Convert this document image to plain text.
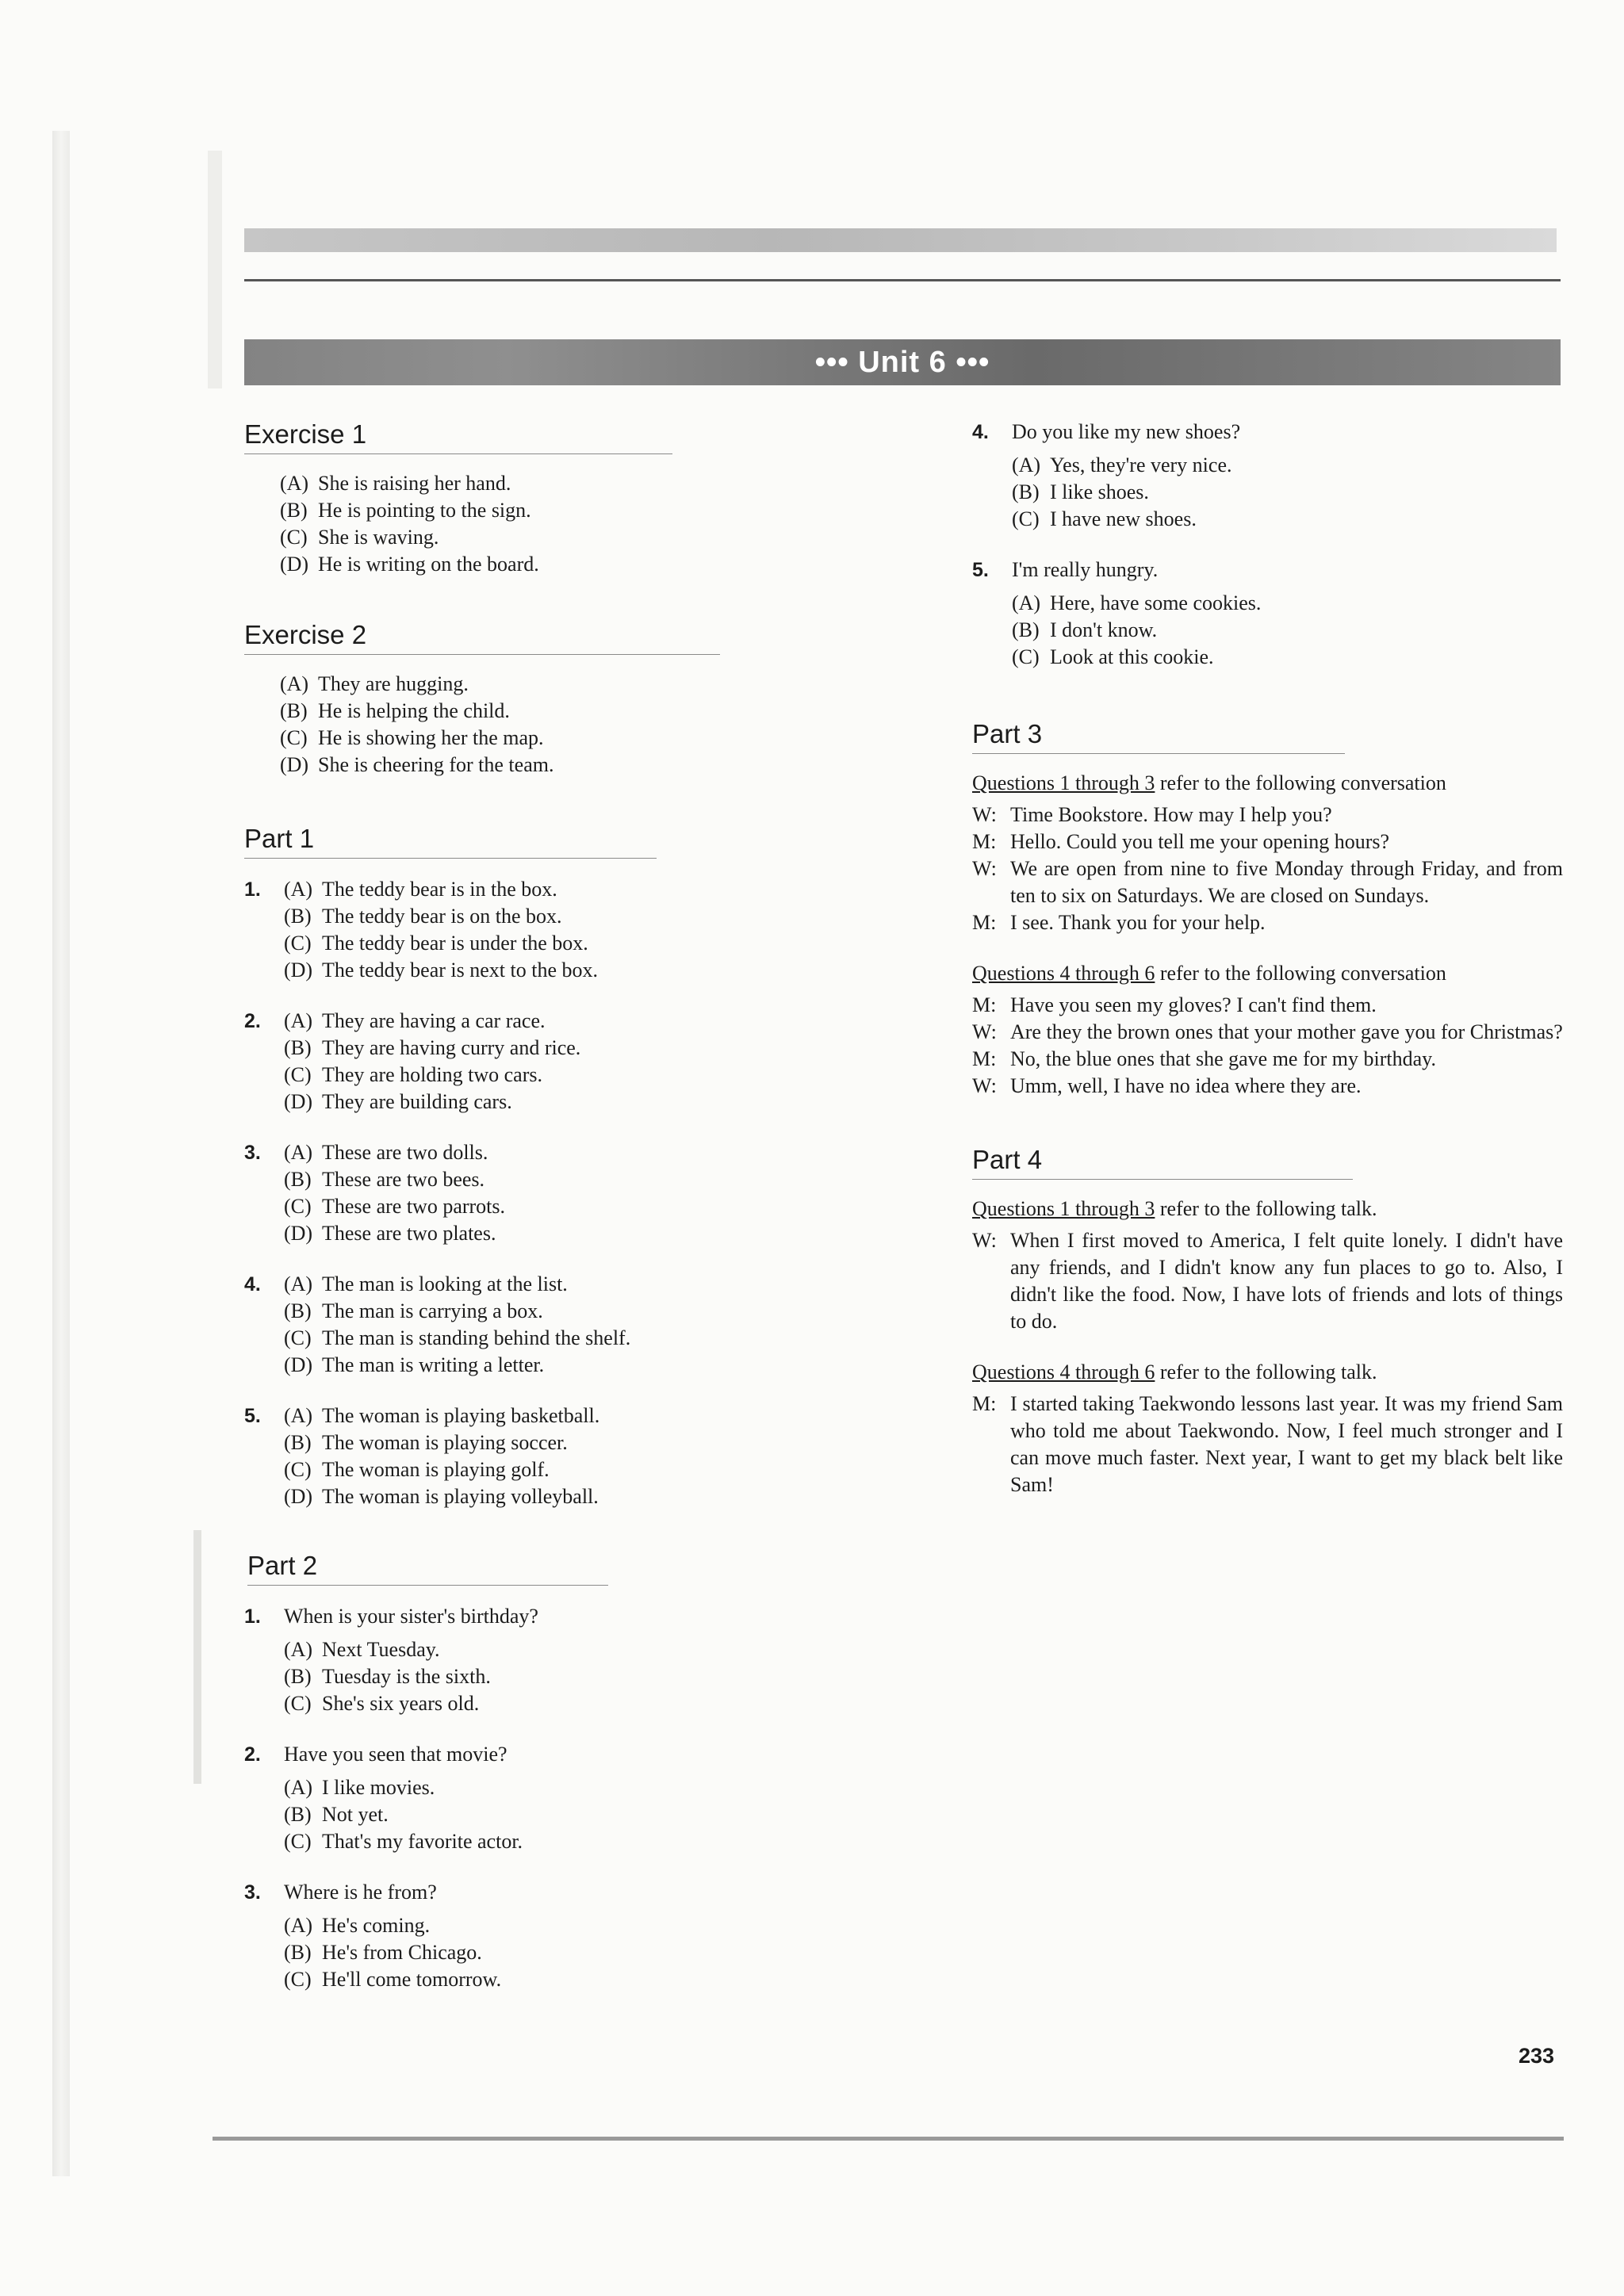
••• Unit 6 •••
Exercise 1
(A) She is raising her hand.
(B) He is pointing to the sign.
(C) She is waving.
(D) He is writing on the board.
Exercise 2
(A) They are hugging.
(B) He is helping the child.
(C) He is showing her the map.
(D) She is cheering for the team.
Part 1
1. (A) The teddy bear is in the box.
(B) The teddy bear is on the box.
(C) The teddy bear is under the box.
(D) The teddy bear is next to the box.
2. (A) They are having a car race.
(B) They are having curry and rice.
(C) They are holding two cars.
(D) They are building cars.
3. (A) These are two dolls.
(B) These are two bees.
(C) These are two parrots.
(D) These are two plates.
4. (A) The man is looking at the list.
(B) The man is carrying a box.
(C) The man is standing behind the shelf.
(D) The man is writing a letter.
5. (A) The woman is playing basketball.
(B) The woman is playing soccer.
(C) The woman is playing golf.
(D) The woman is playing volleyball.
Part 2
1. When is your sister's birthday?
(A) Next Tuesday.
(B) Tuesday is the sixth.
(C) She's six years old.
2. Have you seen that movie?
(A) I like movies.
(B) Not yet.
(C) That's my favorite actor.
3. Where is he from?
(A) He's coming.
(B) He's from Chicago.
(C) He'll come tomorrow.
4. Do you like my new shoes?
(A) Yes, they're very nice.
(B) I like shoes.
(C) I have new shoes.
5. I'm really hungry.
(A) Here, have some cookies.
(B) I don't know.
(C) Look at this cookie.
Part 3
Questions 1 through 3 refer to the following conversation
W: Time Bookstore. How may I help you?
M: Hello. Could you tell me your opening hours?
W: We are open from nine to five Monday through Friday, and from ten to six on Saturdays. We are closed on Sundays.
M: I see. Thank you for your help.
Questions 4 through 6 refer to the following conversation
M: Have you seen my gloves? I can't find them.
W: Are they the brown ones that your mother gave you for Christmas?
M: No, the blue ones that she gave me for my birthday.
W: Umm, well, I have no idea where they are.
Part 4
Questions 1 through 3 refer to the following talk.
W: When I first moved to America, I felt quite lonely. I didn't have any friends, and I didn't know any fun places to go to. Also, I didn't like the food. Now, I have lots of friends and lots of things to do.
Questions 4 through 6 refer to the following talk.
M: I started taking Taekwondo lessons last year. It was my friend Sam who told me about Taekwondo. Now, I feel much stronger and I can move much faster. Next year, I want to get my black belt like Sam!
233
